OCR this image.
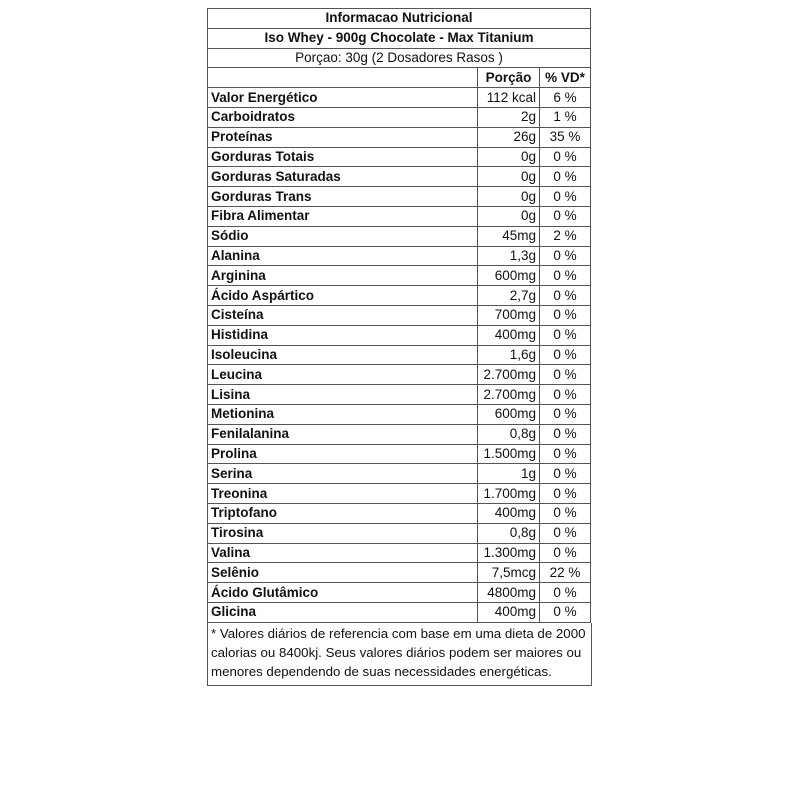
Informacao Nutricional		
Iso Whey - 900g Chocolate - Max Titanium		
Porçao: 30g (2 Dosadores Rasos )		
	Porção	% VD*
Valor Energético	112 kcal	6 %
Carboidratos	2g	1 %
Proteínas	26g	35 %
Gorduras Totais	0g	0 %
Gorduras Saturadas	0g	0 %
Gorduras Trans	0g	0 %
Fibra Alimentar	0g	0 %
Sódio	45mg	2 %
Alanina	1,3g	0 %
Arginina	600mg	0 %
Ácido Aspártico	2,7g	0 %
Cisteína	700mg	0 %
Histidina	400mg	0 %
Isoleucina	1,6g	0 %
Leucina	2.700mg	0 %
Lisina	2.700mg	0 %
Metionina	600mg	0 %
Fenilalanina	0,8g	0 %
Prolina	1.500mg	0 %
Serina	1g	0 %
Treonina	1.700mg	0 %
Triptofano	400mg	0 %
Tirosina	0,8g	0 %
Valina	1.300mg	0 %
Selênio	7,5mcg	22 %
Ácido Glutâmico	4800mg	0 %
Glicina	400mg	0 %
* Valores diários de referencia com base em uma dieta de 2000 calorias ou 8400kj. Seus valores diários podem ser maiores ou menores dependendo de suas necessidades energéticas.
